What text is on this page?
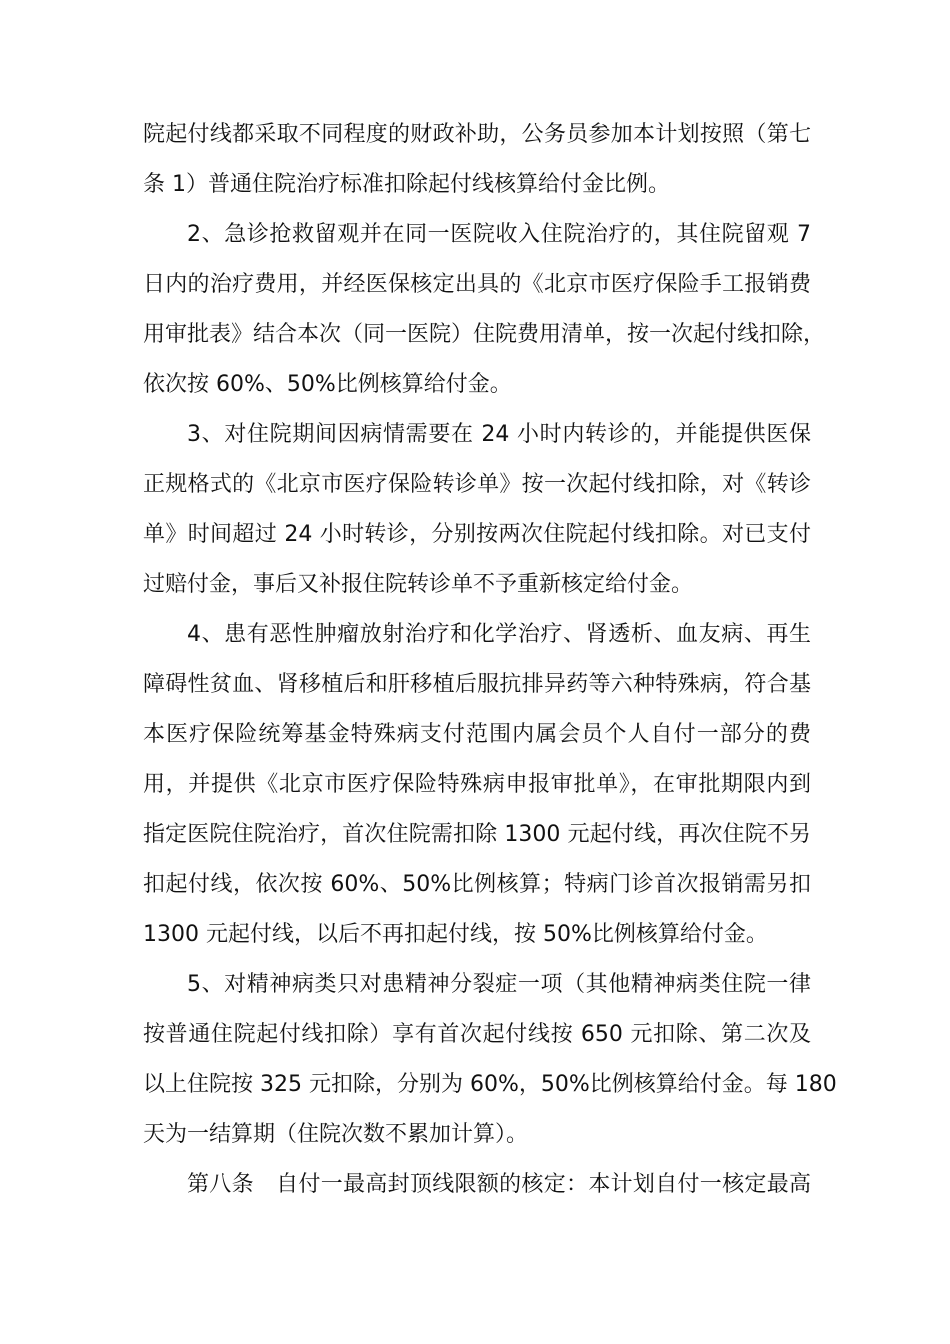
院起付线都采取不同程度的财政补助，公务员参加本计划按照（第七
条 1）普通住院治疗标准扣除起付线核算给付金比例。
2、急诊抢救留观并在同一医院收入住院治疗的，其住院留观 7
日内的治疗费用，并经医保核定出具的《北京市医疗保险手工报销费
用审批表》结合本次（同一医院）住院费用清单，按一次起付线扣除，
依次按 60%、50%比例核算给付金。
3、对住院期间因病情需要在 24 小时内转诊的，并能提供医保
正规格式的《北京市医疗保险转诊单》按一次起付线扣除，对《转诊
单》时间超过 24 小时转诊，分别按两次住院起付线扣除。对已支付
过赔付金，事后又补报住院转诊单不予重新核定给付金。
4、患有恶性肿瘤放射治疗和化学治疗、肾透析、血友病、再生
障碍性贫血、肾移植后和肝移植后服抗排异药等六种特殊病，符合基
本医疗保险统筹基金特殊病支付范围内属会员个人自付一部分的费
用，并提供《北京市医疗保险特殊病申报审批单》，在审批期限内到
指定医院住院治疗，首次住院需扣除 1300 元起付线，再次住院不另
扣起付线，依次按 60%、50%比例核算；特病门诊首次报销需另扣
1300 元起付线，以后不再扣起付线，按 50%比例核算给付金。
5、对精神病类只对患精神分裂症一项（其他精神病类住院一律
按普通住院起付线扣除）享有首次起付线按 650 元扣除、第二次及
以上住院按 325 元扣除，分别为 60%，50%比例核算给付金。每 180
天为一结算期（住院次数不累加计算）。
第八条　自付一最高封顶线限额的核定：本计划自付一核定最高
